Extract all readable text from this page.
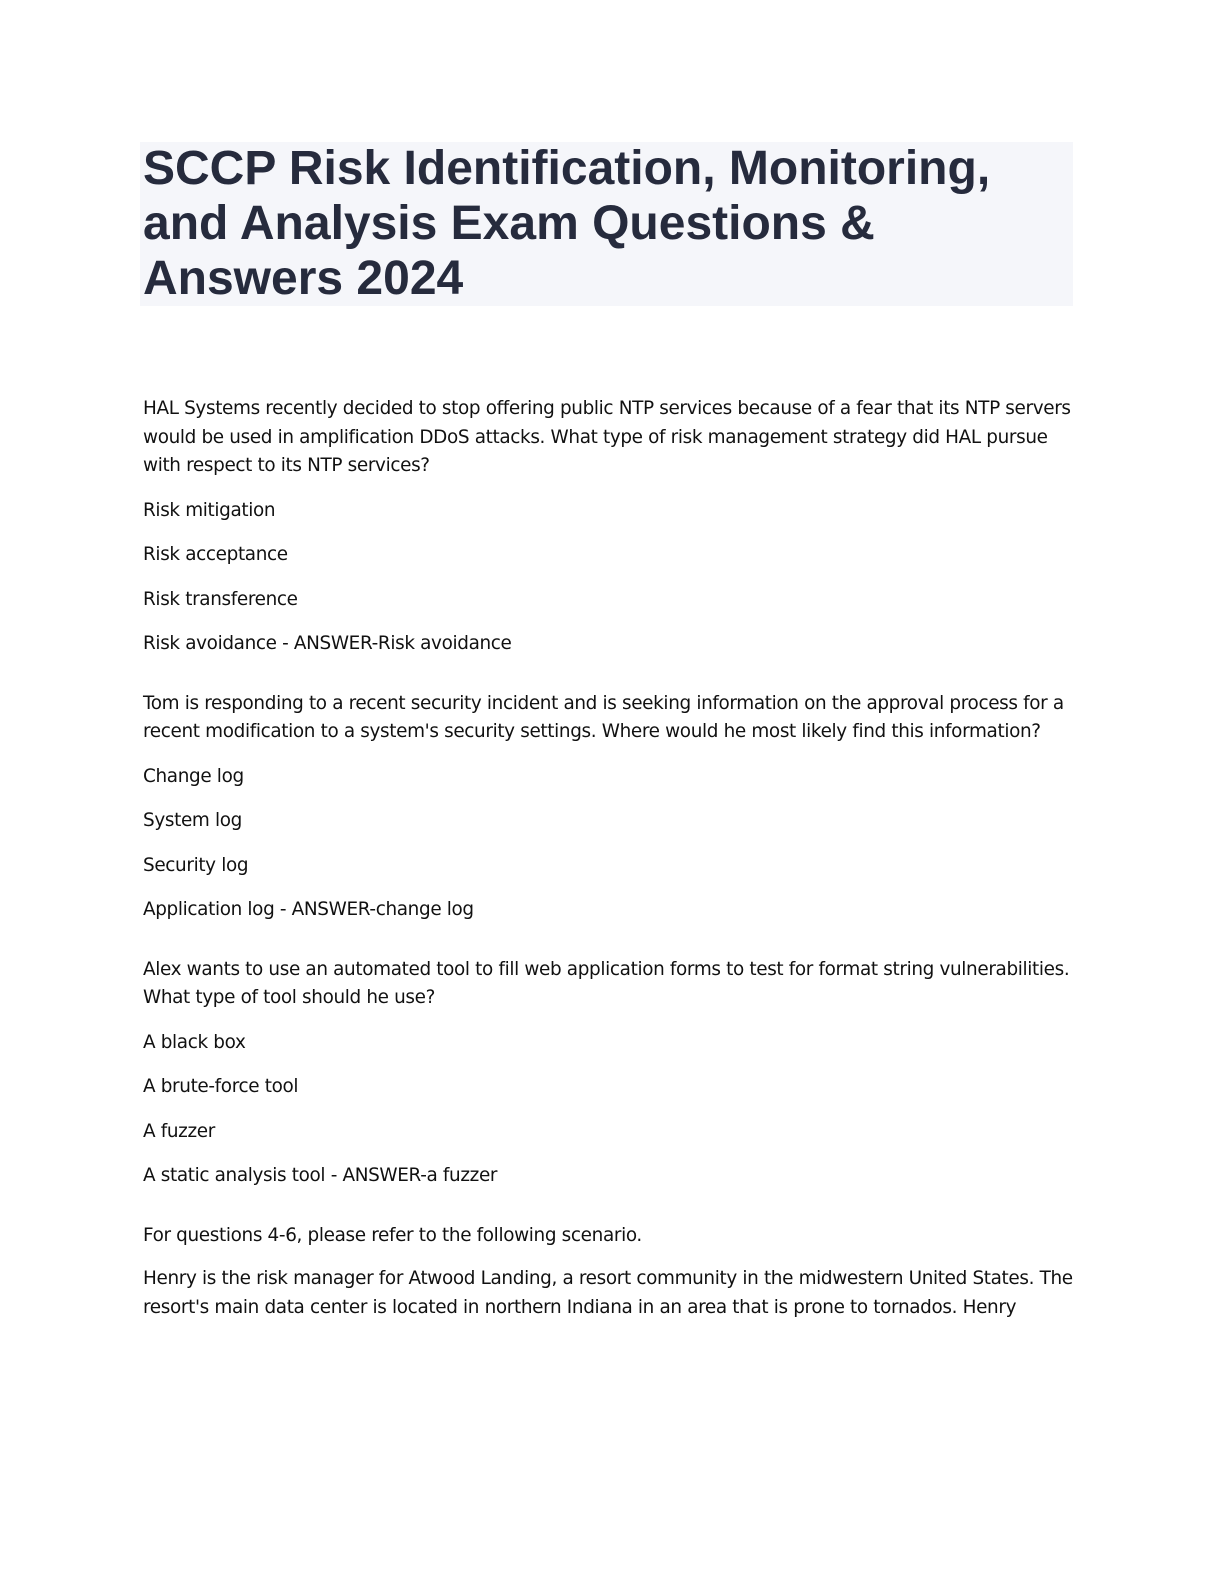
SCCP Risk Identification, Monitoring, and Analysis Exam Questions & Answers 2024

HAL Systems recently decided to stop offering public NTP services because of a fear that its NTP servers would be used in amplification DDoS attacks. What type of risk management strategy did HAL pursue with respect to its NTP services?

Risk mitigation

Risk acceptance

Risk transference

Risk avoidance - ANSWER-Risk avoidance

Tom is responding to a recent security incident and is seeking information on the approval process for a recent modification to a system's security settings. Where would he most likely find this information?

Change log

System log

Security log

Application log - ANSWER-change log

Alex wants to use an automated tool to fill web application forms to test for format string vulnerabilities. What type of tool should he use?

A black box

A brute-force tool

A fuzzer

A static analysis tool - ANSWER-a fuzzer

For questions 4-6, please refer to the following scenario.

Henry is the risk manager for Atwood Landing, a resort community in the midwestern United States. The resort's main data center is located in northern Indiana in an area that is prone to tornados. Henry
